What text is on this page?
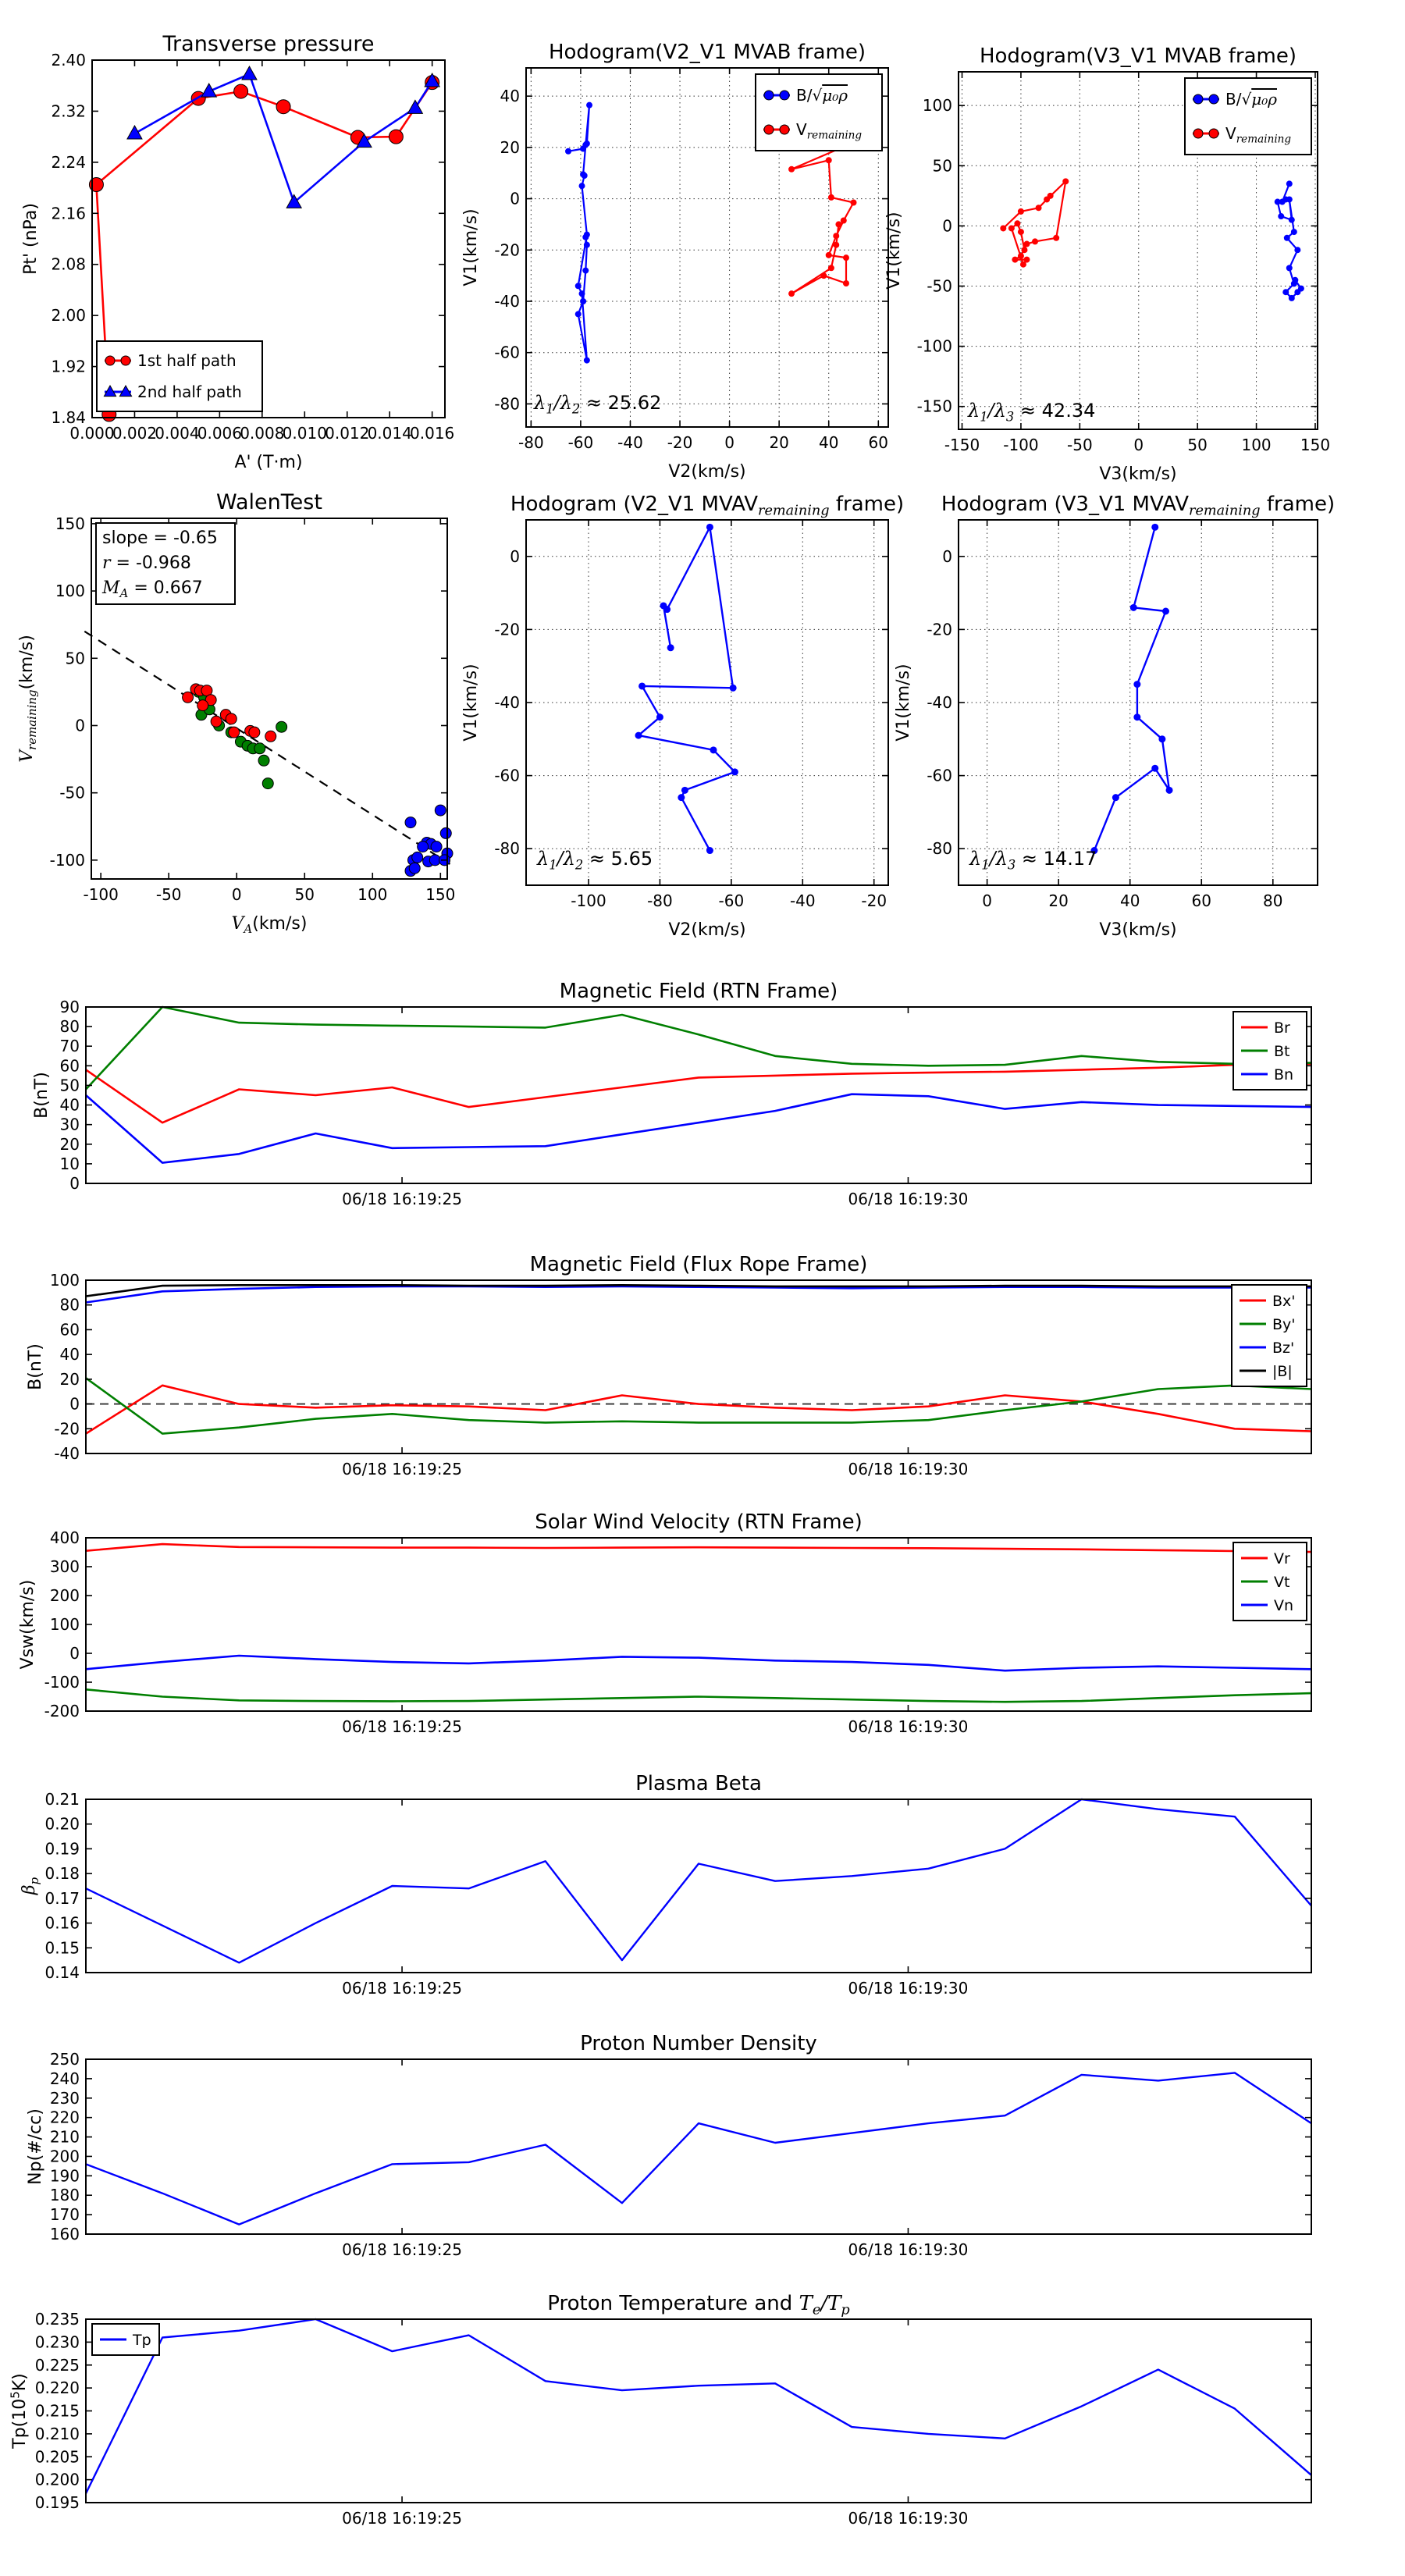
0.000
0.002
0.004
0.006
0.008
0.010
0.012
0.014
0.016
1.84
1.92
2.00
2.08
2.16
2.24
2.32
2.40
Transverse pressure
A' (T·m)
Pt' (nPa)
1st half path
2nd half path
-80 -60 -40 -20 0 20 40 60
-80
-60
-40
-20
0
20
40
Hodogram(V2_V1 MVAB frame)
V2(km/s)
V1(km/s)
$\lambda_1/\lambda_2 \approx 25.62$
B/√μ₀ρ
$V_{remaining}$
-150 -100 -50	0	50 100 150
-150
-100
-50
0
50
100
Hodogram(V3_V1 MVAB frame)
V3(km/s)
V1(km/s)
$\lambda_1/\lambda_3 \approx 42.34$
B/√μ₀ρ
$V_{remaining}$
-100 -50	0	50	100 150
-100
-50
0
50
100
150
WalenTest
$V_A(km/s)$
$V_{remaining}(km/s)$
slope = -0.65
r = -0.968
$M_A = 0.667$
-100	-80	-60	-40	-20
-80
-60
-40
-20
0
Hodogram (V2_V1 $MVAV_{remaining}$ frame)
V2(km/s)
V1(km/s)
$\lambda_1/\lambda_2 \approx 5.65$
0	20	40	60	80
-80
-60
-40
-20
0
Hodogram (V3_V1 $MVAV_{remaining}$ frame)
V3(km/s)
V1(km/s)
$\lambda_1/\lambda_3 \approx 14.17$
06/18 16:19:25	06/18 16:19:30
0
10
20
30
40
50
60
70
80
90
Magnetic Field (RTN Frame)
B(nT)
Br
Bt
Bn
06/18 16:19:25	06/18 16:19:30
-40
-20
0
20
40
60
80
100
Magnetic Field (Flux Rope Frame)
B(nT)
Bx'
By'
Bz'
|B|
06/18 16:19:25	06/18 16:19:30
-200
-100
0
100
200
300
400
Solar Wind Velocity (RTN Frame)
Vsw(km/s)
Vr
Vt
Vn
06/18 16:19:25	06/18 16:19:30
0.14
0.15
0.16
0.17
0.18
0.19
0.20
0.21
Plasma Beta
$\beta_p$
06/18 16:19:25	06/18 16:19:30
160
170
180
190
200
210
220
230
240
250
Proton Number Density
Np(#/cc)
06/18 16:19:25	06/18 16:19:30
0.195
0.200
0.205
0.210
0.215
0.220
0.225
0.230
0.235
Proton Temperature and $T_e/T_p$
$Tp(10^5K)$
Tp
